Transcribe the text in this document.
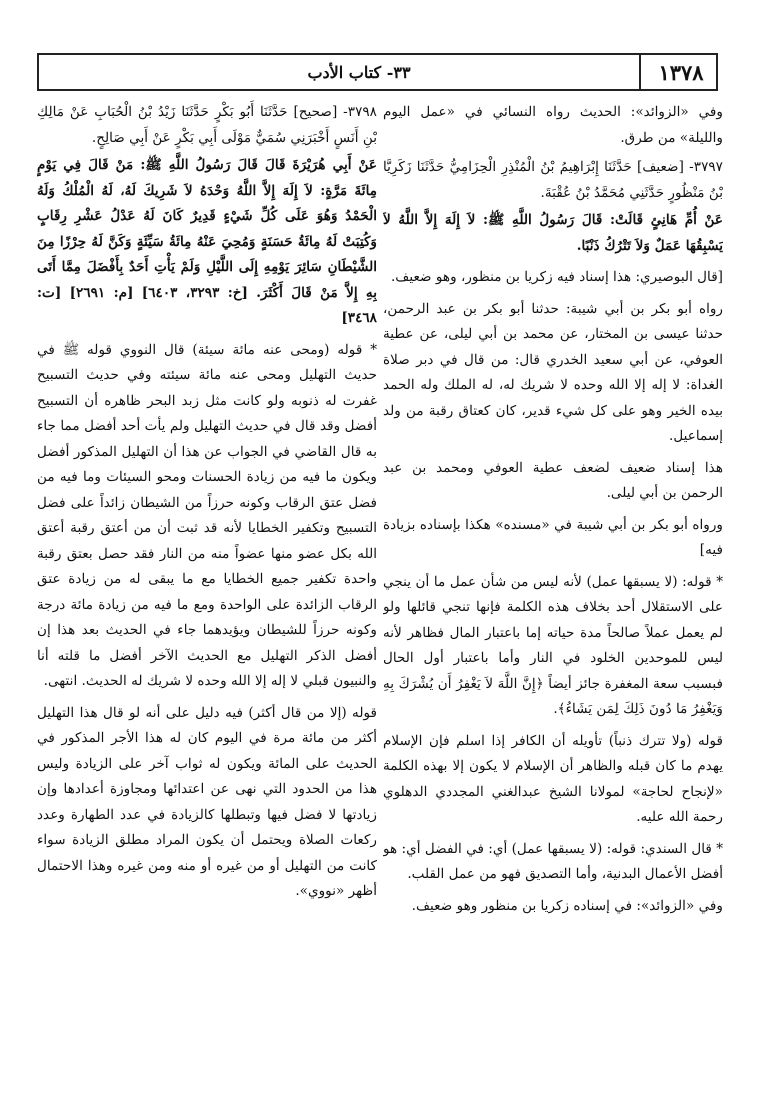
١٣٧٨
٣٣- كتاب الأدب

وفي «الزوائد»: الحديث رواه النسائي في «عمل اليوم والليلة» من طرق.

٣٧٩٧- [ضعيف] حَدَّثَنَا إِبْرَاهِيمُ بْنُ الْمُنْذِرِ الْحِزَامِيُّ حَدَّثَنَا زَكَرِيَّا بْنُ مَنْظُورٍ حَدَّثَنِي مُحَمَّدُ بْنُ عُقْبَةَ.

عَنْ أُمِّ هَانِئٍ قَالَتْ: قَالَ رَسُولُ اللَّهِ ﷺ: لاَ إِلَهَ إِلاَّ اللَّهُ لاَ يَسْبِقُهَا عَمَلٌ وَلاَ تَتْرُكُ ذَنْبًا.

[قال البوصيري: هذا إسناد فيه زكريا بن منظور، وهو ضعيف.

رواه أبو بكر بن أبي شيبة: حدثنا أبو بكر بن عبد الرحمن، حدثنا عيسى بن المختار، عن محمد بن أبي ليلى، عن عطية العوفي، عن أبي سعيد الخدري قال: من قال في دبر صلاة الغداة: لا إله إلا الله وحده لا شريك له، له الملك وله الحمد بيده الخير وهو على كل شيء قدير، كان كعتاق رقبة من ولد إسماعيل.

هذا إسناد ضعيف لضعف عطية العوفي ومحمد بن عبد الرحمن بن أبي ليلى.

ورواه أبو بكر بن أبي شيبة في «مسنده» هكذا بإسناده بزيادة فيه]

* قوله: (لا يسبقها عمل) لأنه ليس من شأن عمل ما أن ينجي على الاستقلال أحد بخلاف هذه الكلمة فإنها تنجي قائلها ولو لم يعمل عملاً صالحاً مدة حياته إما باعتبار المال فظاهر لأنه ليس للموحدين الخلود في النار وأما باعتبار أول الحال فبسبب سعة المغفرة جائز أيضاً ﴿إِنَّ اللَّهَ لاَ يَغْفِرُ أَن يُشْرَكَ بِهِ وَيَغْفِرُ مَا دُونَ ذَلِكَ لِمَن يَشَاءُ﴾.

قوله (ولا تترك ذنباً) تأويله أن الكافر إذا اسلم فإن الإسلام يهدم ما كان قبله والظاهر أن الإسلام لا يكون إلا بهذه الكلمة «لإنجاح لحاجة» لمولانا الشيخ عبدالغني المجددي الدهلوي رحمة الله عليه.

* قال السندي: قوله: (لا يسبقها عمل) أي: في الفضل أي: هو أفضل الأعمال البدنية، وأما التصديق فهو من عمل القلب.

وفي «الزوائد»: في إسناده زكريا بن منظور وهو ضعيف.

٣٧٩٨- [صحيح] حَدَّثَنَا أَبُو بَكْرٍ حَدَّثَنَا زَيْدُ بْنُ الْحُبَابِ عَنْ مَالِكِ بْنِ أَنَسٍ أَخْبَرَنِي سُمَيٌّ مَوْلَى أَبِي بَكْرٍ عَنْ أَبِي صَالِحٍ.

عَنْ أَبِي هُرَيْرَةَ قَالَ قَالَ رَسُولُ اللَّهِ ﷺ: مَنْ قَالَ فِي يَوْمٍ مِائَةَ مَرَّةٍ: لاَ إِلَهَ إِلاَّ اللَّهُ وَحْدَهُ لاَ شَرِيكَ لَهُ، لَهُ الْمُلْكُ وَلَهُ الْحَمْدُ وَهُوَ عَلَى كُلِّ شَيْءٍ قَدِيرٌ كَانَ لَهُ عَدْلُ عَشْرِ رِقَابٍ وَكُتِبَتْ لَهُ مِائَةُ حَسَنَةٍ وَمُحِيَ عَنْهُ مِائَةُ سَيِّئَةٍ وَكَنَّ لَهُ حِرْزًا مِنَ الشَّيْطَانِ سَائِرَ يَوْمِهِ إِلَى اللَّيْلِ وَلَمْ يَأْتِ أَحَدٌ بِأَفْضَلَ مِمَّا أَتَى بِهِ إِلاَّ مَنْ قَالَ أَكْثَرَ. [خ: ٣٢٩٣، ٦٤٠٣] [م: ٢٦٩١] [ت: ٣٤٦٨]

* قوله (ومحى عنه مائة سيئة) قال النووي قوله ﷺ في حديث التهليل ومحى عنه مائة سيئته وفي حديث التسبيح غفرت له ذنوبه ولو كانت مثل زبد البحر ظاهره أن التسبيح أفضل وقد قال في حديث التهليل ولم يأت أحد أفضل مما جاء به قال القاضي في الجواب عن هذا أن التهليل المذكور أفضل ويكون ما فيه من زيادة الحسنات ومحو السيئات وما فيه من فضل عتق الرقاب وكونه حرزاً من الشيطان زائداً على فضل التسبيح وتكفير الخطايا لأنه قد ثبت أن من أعتق رقبة أعتق الله بكل عضو منها عضواً منه من النار فقد حصل بعتق رقبة واحدة تكفير جميع الخطايا مع ما يبقى له من زيادة عتق الرقاب الزائدة على الواحدة ومع ما فيه من زيادة مائة درجة وكونه حرزاً للشيطان ويؤيدهما جاء في الحديث بعد هذا إن أفضل الذكر التهليل مع الحديث الآخر أفضل ما قلته أنا والنبيون قبلي لا إله إلا الله وحده لا شريك له الحديث. انتهى.

قوله (إلا من قال أكثر) فيه دليل على أنه لو قال هذا التهليل أكثر من مائة مرة في اليوم كان له هذا الأجر المذكور في الحديث على المائة ويكون له ثواب آخر على الزيادة وليس هذا من الحدود التي نهى عن اعتدائها ومجاوزة أعدادها وإن زيادتها لا فضل فيها وتبطلها كالزيادة في عدد الطهارة وعدد ركعات الصلاة ويحتمل أن يكون المراد مطلق الزيادة سواء كانت من التهليل أو من غيره أو منه ومن غيره وهذا الاحتمال أظهر «نووي».
